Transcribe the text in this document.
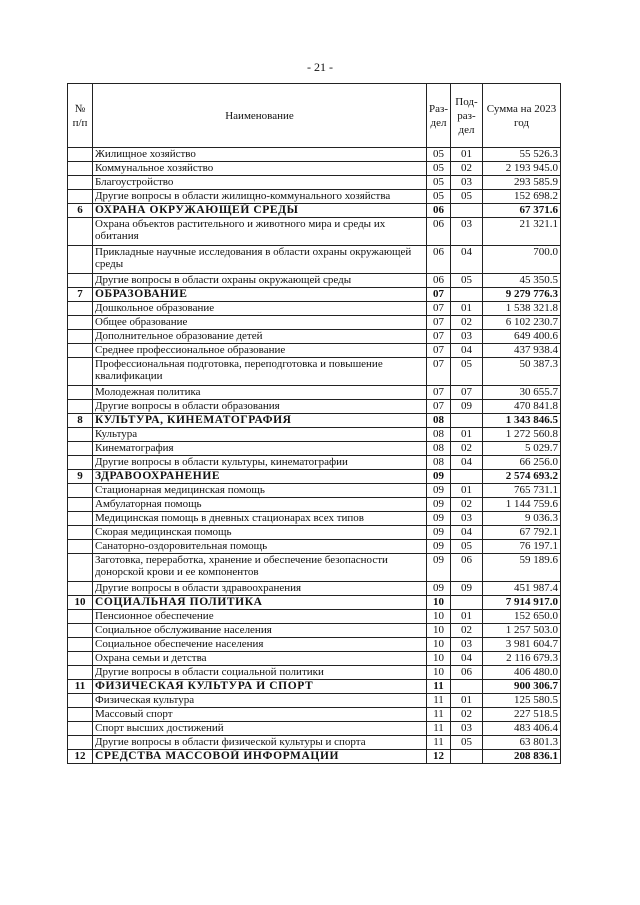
- 21 -
№ п/п	Наименование	Раз-дел	Под-раз-дел	Сумма на 2023 год
	Жилищное хозяйство	05	01	55 526.3
	Коммунальное хозяйство	05	02	2 193 945.0
	Благоустройство	05	03	293 585.9
	Другие вопросы в области жилищно-коммунального хозяйства	05	05	152 698.2
6	ОХРАНА ОКРУЖАЮЩЕЙ СРЕДЫ	06		67 371.6
	Охрана объектов растительного и животного мира и среды их обитания	06	03	21 321.1
	Прикладные научные исследования в области охраны окружающей среды	06	04	700.0
	Другие вопросы в области охраны окружающей среды	06	05	45 350.5
7	ОБРАЗОВАНИЕ	07		9 279 776.3
	Дошкольное образование	07	01	1 538 321.8
	Общее образование	07	02	6 102 230.7
	Дополнительное образование детей	07	03	649 400.6
	Среднее профессиональное образование	07	04	437 938.4
	Профессиональная подготовка, переподготовка и повышение квалификации	07	05	50 387.3
	Молодежная политика	07	07	30 655.7
	Другие вопросы в области образования	07	09	470 841.8
8	КУЛЬТУРА, КИНЕМАТОГРАФИЯ	08		1 343 846.5
	Культура	08	01	1 272 560.8
	Кинематография	08	02	5 029.7
	Другие вопросы в области культуры, кинематографии	08	04	66 256.0
9	ЗДРАВООХРАНЕНИЕ	09		2 574 693.2
	Стационарная медицинская помощь	09	01	765 731.1
	Амбулаторная помощь	09	02	1 144 759.6
	Медицинская помощь в дневных стационарах всех типов	09	03	9 036.3
	Скорая медицинская помощь	09	04	67 792.1
	Санаторно-оздоровительная помощь	09	05	76 197.1
	Заготовка, переработка, хранение и обеспечение безопасности донорской крови и ее компонентов	09	06	59 189.6
	Другие вопросы в области здравоохранения	09	09	451 987.4
10	СОЦИАЛЬНАЯ ПОЛИТИКА	10		7 914 917.0
	Пенсионное обеспечение	10	01	152 650.0
	Социальное обслуживание населения	10	02	1 257 503.0
	Социальное обеспечение населения	10	03	3 981 604.7
	Охрана семьи и детства	10	04	2 116 679.3
	Другие вопросы в области социальной политики	10	06	406 480.0
11	ФИЗИЧЕСКАЯ КУЛЬТУРА И СПОРТ	11		900 306.7
	Физическая культура	11	01	125 580.5
	Массовый спорт	11	02	227 518.5
	Спорт высших достижений	11	03	483 406.4
	Другие вопросы в области физической культуры и спорта	11	05	63 801.3
12	СРЕДСТВА МАССОВОЙ ИНФОРМАЦИИ	12		208 836.1
